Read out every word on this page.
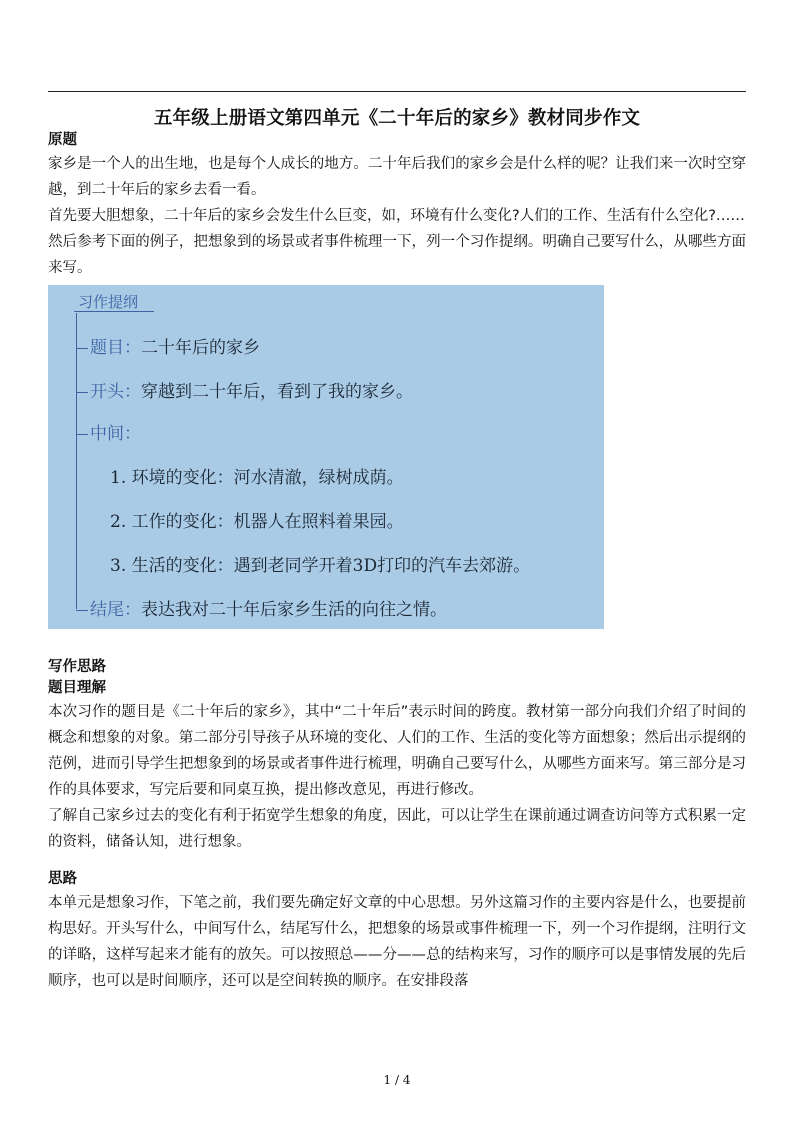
五年级上册语文第四单元《二十年后的家乡》教材同步作文

原题

家乡是一个人的出生地，也是每个人成长的地方。二十年后我们的家乡会是什么样的呢？让我们来一次时空穿越，到二十年后的家乡去看一看。

首先要大胆想象，二十年后的家乡会发生什么巨变，如，环境有什么变化?人们的工作、生活有什么空化?……

然后参考下面的例子，把想象到的场景或者事件梳理一下，列一个习作提纲。明确自己要写什么，从哪些方面来写。

习作提纲
题目：二十年后的家乡
开头：穿越到二十年后，看到了我的家乡。
中间：
1. 环境的变化：河水清澈，绿树成荫。
2. 工作的变化：机器人在照料着果园。
3. 生活的变化：遇到老同学开着3D打印的汽车去郊游。
结尾：表达我对二十年后家乡生活的向往之情。

写作思路

题目理解

本次习作的题目是《二十年后的家乡》，其中“二十年后”表示时间的跨度。教材第一部分向我们介绍了时间的概念和想象的对象。第二部分引导孩子从环境的变化、人们的工作、生活的变化等方面想象；然后出示提纲的范例，进而引导学生把想象到的场景或者事件进行梳理，明确自己要写什么，从哪些方面来写。第三部分是习作的具体要求，写完后要和同桌互换，提出修改意见，再进行修改。

了解自己家乡过去的变化有利于拓宽学生想象的角度，因此，可以让学生在课前通过调查访问等方式积累一定的资料，储备认知，进行想象。

思路

本单元是想象习作，下笔之前，我们要先确定好文章的中心思想。另外这篇习作的主要内容是什么，也要提前构思好。开头写什么，中间写什么，结尾写什么，把想象的场景或事件梳理一下，列一个习作提纲，注明行文的详略，这样写起来才能有的放矢。可以按照总——分——总的结构来写，习作的顺序可以是事情发展的先后顺序，也可以是时间顺序，还可以是空间转换的顺序。在安排段落

1 / 4
